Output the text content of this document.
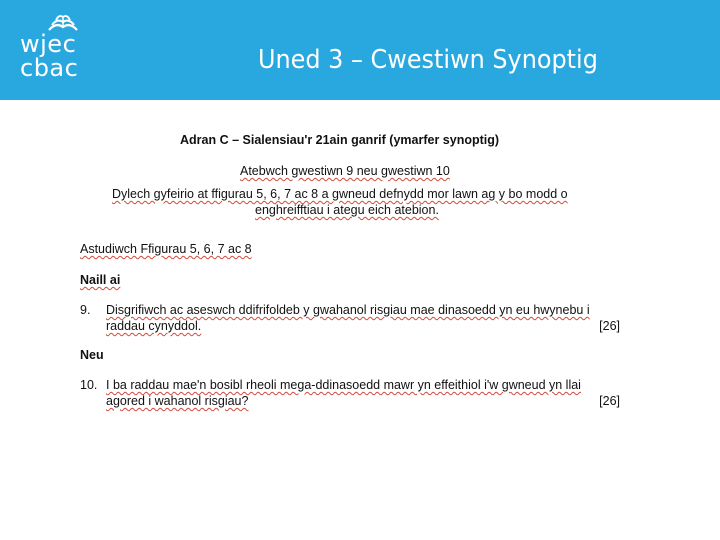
wjec
cbac	Uned 3 – Cwestiwn Synoptig
Adran C – Sialensiau'r 21ain ganrif (ymarfer synoptig)
Atebwch gwestiwn 9 neu gwestiwn 10
Dylech gyfeirio at ffigurau 5, 6, 7 ac 8 a gwneud defnydd mor lawn ag y bo modd o
enghreifftiau i ategu eich atebion.
Astudiwch Ffigurau 5, 6, 7 ac 8
Naill ai
9. Disgrifiwch ac aseswch ddifrifoldeb y gwahanol risgiau mae dinasoedd yn eu hwynebu i
raddau cynyddol.	[26]
Neu
10. I ba raddau mae'n bosibl rheoli mega-ddinasoedd mawr yn effeithiol i'w gwneud yn llai
agored i wahanol risgiau?	[26]
